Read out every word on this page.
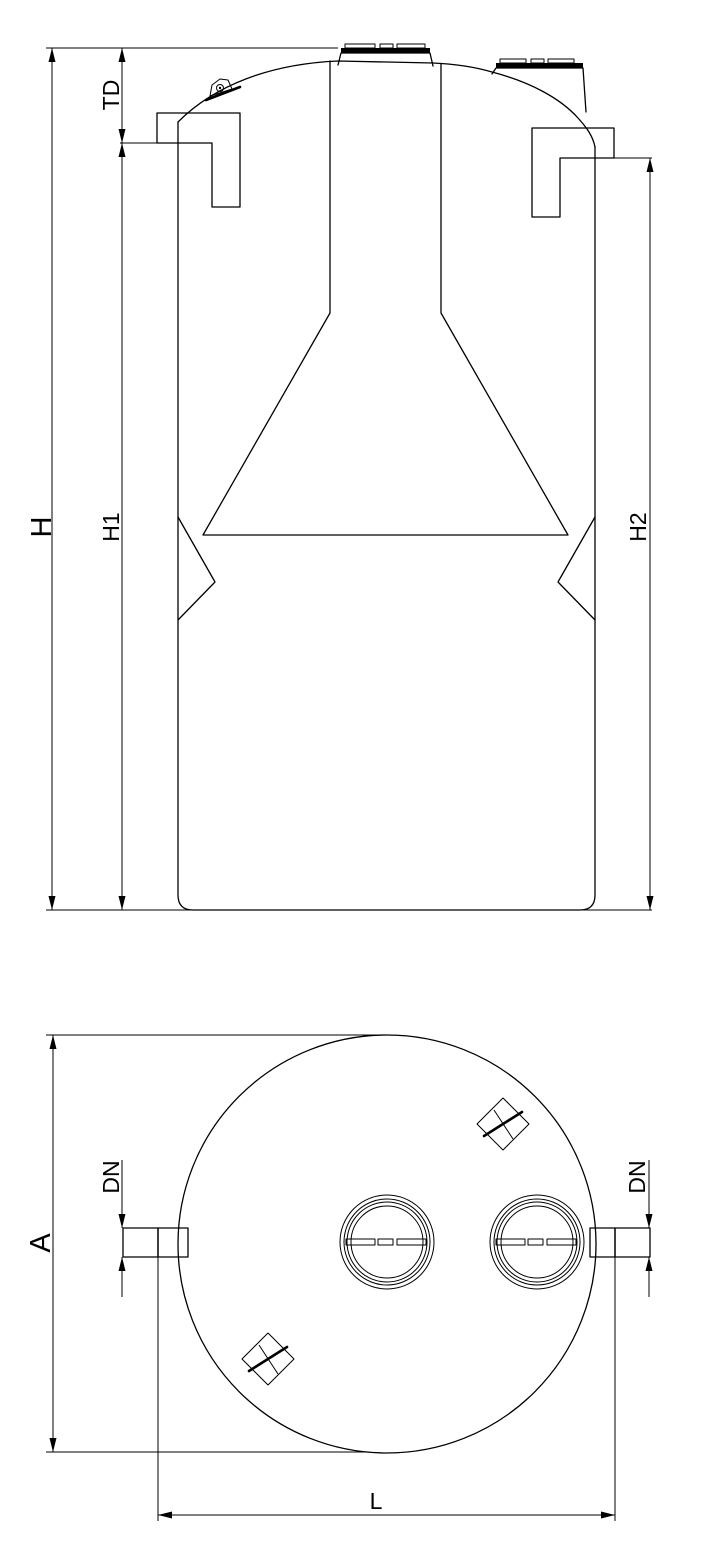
H
TD
H1	H2
A
DN	DN
L
